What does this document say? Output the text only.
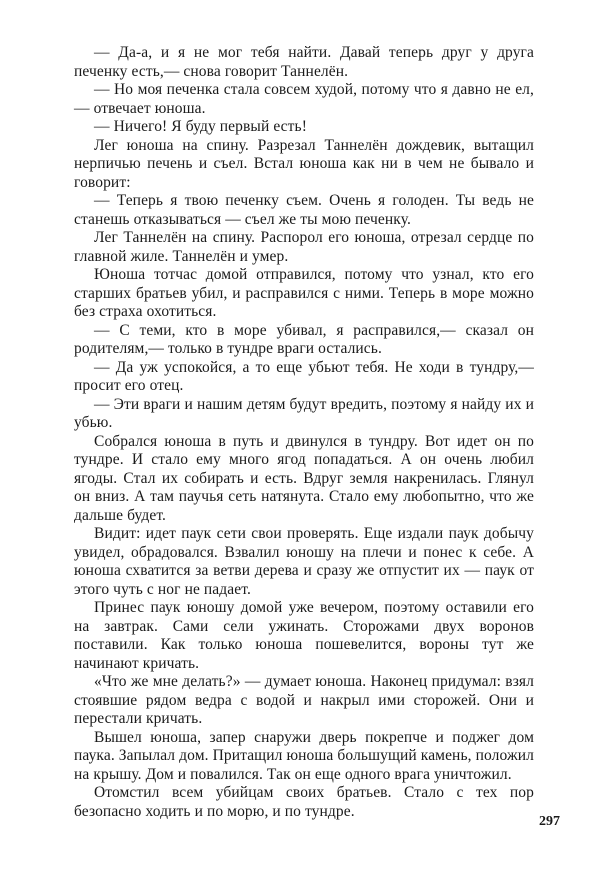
— Да-а, и я не мог тебя найти. Давай теперь друг у друга печенку есть,— снова говорит Таннелён.

— Но моя печенка стала совсем худой, потому что я давно не ел,— отвечает юноша.

— Ничего! Я буду первый есть!

Лег юноша на спину. Разрезал Таннелён дождевик, вытащил нерпичью печень и съел. Встал юноша как ни в чем не бывало и говорит:

— Теперь я твою печенку съем. Очень я голоден. Ты ведь не станешь отказываться — съел же ты мою печенку.

Лег Таннелён на спину. Распорол его юноша, отрезал сердце по главной жиле. Таннелён и умер.

Юноша тотчас домой отправился, потому что узнал, кто его старших братьев убил, и расправился с ними. Теперь в море можно без страха охотиться.

— С теми, кто в море убивал, я расправился,— сказал он родителям,— только в тундре враги остались.

— Да уж успокойся, а то еще убьют тебя. Не ходи в тундру,— просит его отец.

— Эти враги и нашим детям будут вредить, поэтому я найду их и убью.

Собрался юноша в путь и двинулся в тундру. Вот идет он по тундре. И стало ему много ягод попадаться. А он очень любил ягоды. Стал их собирать и есть. Вдруг земля накренилась. Глянул он вниз. А там паучья сеть натянута. Стало ему любопытно, что же дальше будет.

Видит: идет паук сети свои проверять. Еще издали паук добычу увидел, обрадовался. Взвалил юношу на плечи и понес к себе. А юноша схватится за ветви дерева и сразу же отпустит их — паук от этого чуть с ног не падает.

Принес паук юношу домой уже вечером, поэтому оставили его на завтрак. Сами сели ужинать. Сторожами двух воронов поставили. Как только юноша пошевелится, вороны тут же начинают кричать.

«Что же мне делать?» — думает юноша. Наконец придумал: взял стоявшие рядом ведра с водой и накрыл ими сторожей. Они и перестали кричать.

Вышел юноша, запер снаружи дверь покрепче и поджег дом паука. Запылал дом. Притащил юноша большущий камень, положил на крышу. Дом и повалился. Так он еще одного врага уничтожил.

Отомстил всем убийцам своих братьев. Стало с тех пор безопасно ходить и по морю, и по тундре.

297
